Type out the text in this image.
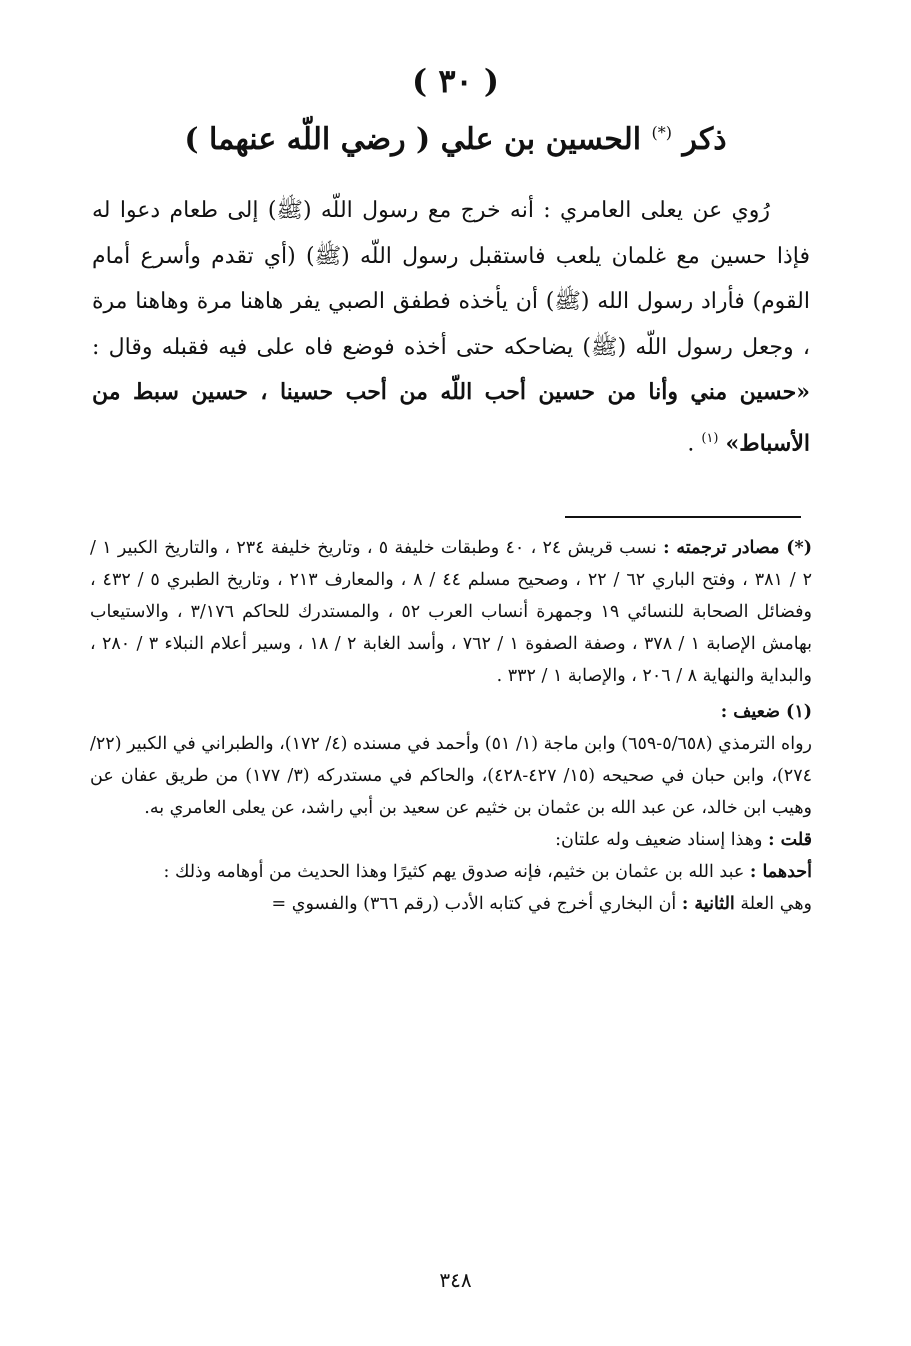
( ٣٠ )
ذكر (*) الحسين بن علي ( رضي اللّه عنهما )

رُوي عن يعلى العامري : أنه خرج مع رسول اللّه (ﷺ) إلى طعام دعوا له فإذا حسين مع غلمان يلعب فاستقبل رسول اللّه (ﷺ) (أي تقدم وأسرع أمام القوم) فأراد رسول الله (ﷺ) أن يأخذه فطفق الصبي يفر هاهنا مرة وهاهنا مرة ، وجعل رسول اللّه (ﷺ) يضاحكه حتى أخذه فوضع فاه على فيه فقبله وقال : «حسين مني وأنا من حسين أحب اللّه من أحب حسينا ، حسين سبط من الأسباط» $^{(١)}$ .

(*) مصادر ترجمته : نسب قريش ٢٤ ، ٤٠ وطبقات خليفة ٥ ، وتاريخ خليفة ٢٣٤ ، والتاريخ الكبير ١ / ٢ / ٣٨١ ، وفتح الباري ٦٢ / ٢٢ ، وصحيح مسلم ٤٤ / ٨ ، والمعارف ٢١٣ ، وتاريخ الطبري ٥ / ٤٣٢ ، وفضائل الصحابة للنسائي ١٩ وجمهرة أنساب العرب ٥٢ ، والمستدرك للحاكم ٣/١٧٦ ، والاستيعاب بهامش الإصابة ١ / ٣٧٨ ، وصفة الصفوة ١ / ٧٦٢ ، وأسد الغابة ٢ / ١٨ ، وسير أعلام النبلاء ٣ / ٢٨٠ ، والبداية والنهاية ٨ / ٢٠٦ ، والإصابة ١ / ٣٣٢ .
(١) ضعيف :
رواه الترمذي (٥/٦٥٨-٦٥٩) وابن ماجة (١/ ٥١) وأحمد في مسنده (٤/ ١٧٢)، والطبراني في الكبير (٢٢/ ٢٧٤)، وابن حبان في صحيحه (١٥/ ٤٢٧-٤٢٨)، والحاكم في مستدركه (٣/ ١٧٧) من طريق عفان عن وهيب ابن خالد، عن عبد الله بن عثمان بن خثيم عن سعيد بن أبي راشد، عن يعلى العامري به.
قلت : وهذا إسناد ضعيف وله علتان:
أحدهما : عبد الله بن عثمان بن خثيم، فإنه صدوق يهم كثيرًا وهذا الحديث من أوهامه وذلك :
وهي العلة الثانية : أن البخاري أخرج في كتابه الأدب (رقم ٣٦٦) والفسوي =
٣٤٨
